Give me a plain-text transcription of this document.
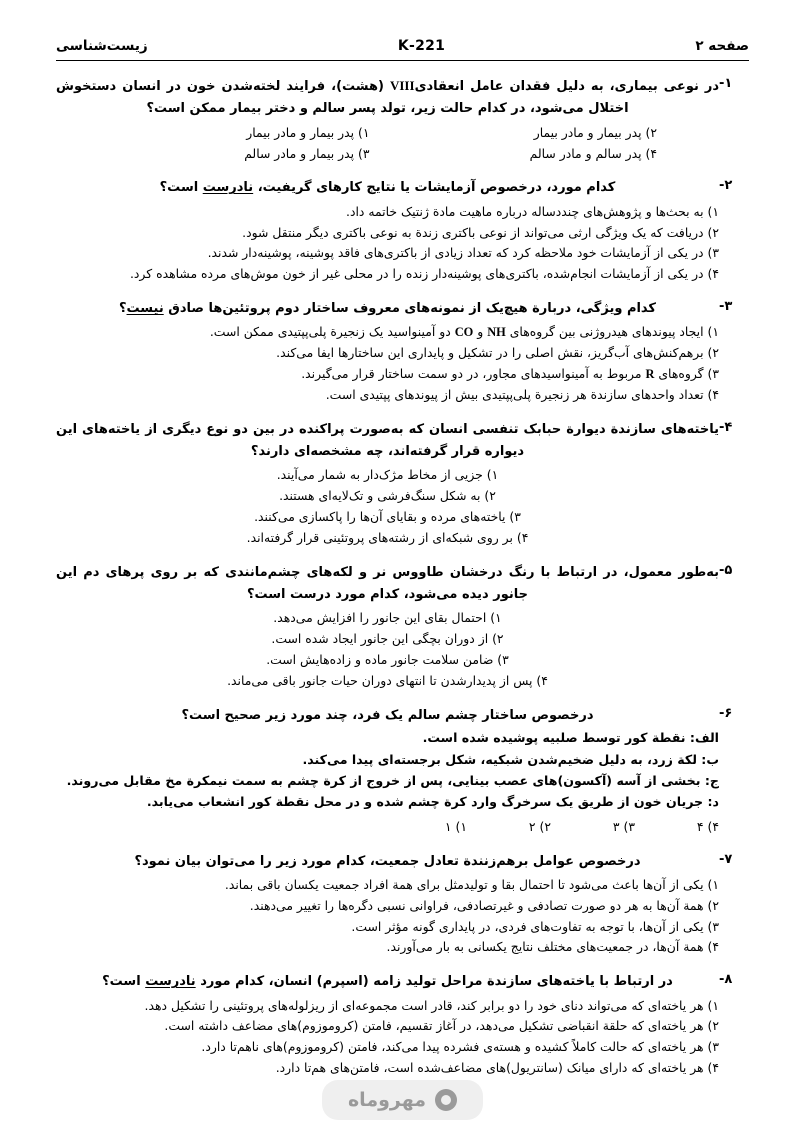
صفحه ۲
221-K
زیست‌شناسی
۱-
در نوعی بیماری، به دلیل فقدان عامل انعقادیVIII (هشت)، فرایند لخته‌شدن خون در انسان دستخوش اختلال می‌شود، در کدام حالت زیر، تولد پسر سالم و دختر بیمار ممکن است؟
۲) پدر بیمار و مادر بیمار
۱) پدر بیمار و مادر بیمار
۴) پدر سالم و مادر سالم
۳) پدر بیمار و مادر سالم
۲-
کدام مورد، درخصوص آزمایشات یا نتایج کارهای گریفیت، نادرست است؟
۱) به بحث‌ها و پژوهش‌های چنددساله درباره ماهیت مادة ژنتیک خاتمه داد.
۲) دریافت که یک ویژگی ارثی می‌تواند از نوعی باکتری زندة به نوعی باکتری دیگر منتقل شود.
۳) در یکی از آزمایشات خود ملاحظه کرد که تعداد زیادی از باکتری‌های فاقد پوشینه، پوشینه‌دار شدند.
۴) در یکی از آزمایشات انجام‌شده، باکتری‌های پوشینه‌دار زنده را در محلی غیر از خون موش‌های مرده مشاهده کرد.
۳-
کدام ویژگی، دربارة هیچ‌یک از نمونه‌های معروف ساختار دوم پروتئین‌ها صادق نیست؟
۱) ایجاد پیوندهای هیدروژنی بین گروه‌های NH و CO دو آمینواسید یک زنجیرة پلی‌پپتیدی ممکن است.
۲) برهم‌کنش‌های آب‌گریز، نقش اصلی را در تشکیل و پایداری این ساختارها ایفا می‌کند.
۳) گروه‌های R مربوط به آمینواسیدهای مجاور، در دو سمت ساختار قرار می‌گیرند.
۴) تعداد واحدهای سازندة هر زنجیرة پلی‌پپتیدی بیش از پیوندهای پپتیدی است.
۴-
یاخته‌های سازندة دیوارة حبابک تنفسی انسان که به‌صورت پراکنده در بین دو نوع دیگری از یاخته‌های این دیواره قرار گرفته‌اند، چه مشخصه‌ای دارند؟
۱) جزیی از مخاط مژک‌دار به شمار می‌آیند.
۲) به شکل سنگ‌فرشی و تک‌لایه‌ای هستند.
۳) یاخته‌های مرده و بقایای آن‌ها را پاکسازی می‌کنند.
۴) بر روی شبکه‌ای از رشته‌های پروتئینی قرار گرفته‌اند.
۵-
به‌طور معمول، در ارتباط با رنگ درخشان طاووس نر و لکه‌های چشم‌مانندی که بر روی پرهای دم این جانور دیده می‌شود، کدام مورد درست است؟
۱) احتمال بقای این جانور را افزایش می‌دهد.
۲) از دوران بچگی این جانور ایجاد شده است.
۳) ضامن سلامت جانور ماده و زاده‌هایش است.
۴) پس از پدیدارشدن تا انتهای دوران حیات جانور باقی می‌ماند.
۶-
درخصوص ساختار چشم سالم یک فرد، چند مورد زیر صحیح است؟
الف: نقطة کور توسط صلبیه پوشیده شده است.
ب: لکة زرد، به دلیل ضخیم‌شدن شبکیه، شکل برجسته‌ای پیدا می‌کند.
ج: بخشی از آسه (آکسون)های عصب بینایی، پس از خروج از کرة چشم به سمت نیمکرة مخ مقابل می‌روند.
د: جریان خون از طریق یک سرخرگ وارد کرة چشم شده و در محل نقطة کور انشعاب می‌یابد.
۴) ۴
۳) ۳
۲) ۲
۱) ۱
۷-
درخصوص عوامل برهم‌زنندة تعادل جمعیت، کدام مورد زیر را می‌توان بیان نمود؟
۱) یکی از آن‌ها باعث می‌شود تا احتمال بقا و تولیدمثل برای همة افراد جمعیت یکسان باقی بماند.
۲) همة آن‌ها به هر دو صورت تصادفی و غیرتصادفی، فراوانی نسبی دگره‌ها را تغییر می‌دهند.
۳) یکی از آن‌ها، با توجه به تفاوت‌های فردی، در پایداری گونه مؤثر است.
۴) همة آن‌ها، در جمعیت‌های مختلف نتایج یکسانی به بار می‌آورند.
۸-
در ارتباط با یاخته‌های سازندة مراحل تولید زامه (اسپرم) انسان، کدام مورد نادرست است؟
۱) هر یاخته‌ای که می‌تواند دنای خود را دو برابر کند، قادر است مجموعه‌ای از ریزلوله‌های پروتئینی را تشکیل دهد.
۲) هر یاخته‌ای که حلقة انقباضی تشکیل می‌دهد، در آغاز تقسیم، فامتن (کروموزوم)های مضاعف داشته است.
۳) هر یاخته‌ای که حالت کاملاً کشیده و هسته‌ی فشرده پیدا می‌کند، فامتن (کروموزوم)های ناهم‌تا دارد.
۴) هر یاخته‌ای که دارای میانک (سانتریول)های مضاعف‌شده است، فامتن‌های هم‌تا دارد.
مهروماه
